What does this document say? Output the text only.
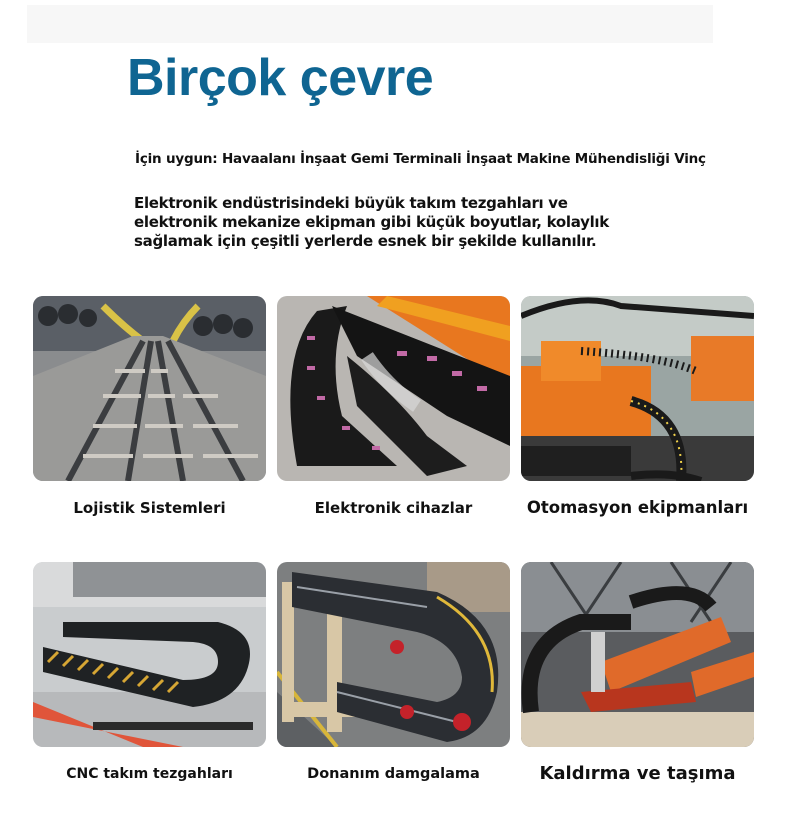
Birçok çevre
İçin uygun: Havaalanı İnşaat Gemi Terminali İnşaat Makine Mühendisliği Vinç
Elektronik endüstrisindeki büyük takım tezgahları ve
elektronik mekanize ekipman gibi küçük boyutlar, kolaylık
sağlamak için çeşitli yerlerde esnek bir şekilde kullanılır.
Lojistik Sistemleri	Elektronik cihazlar	Otomasyon ekipmanları
CNC takım tezgahları	Donanım damgalama	Kaldırma ve taşıma
